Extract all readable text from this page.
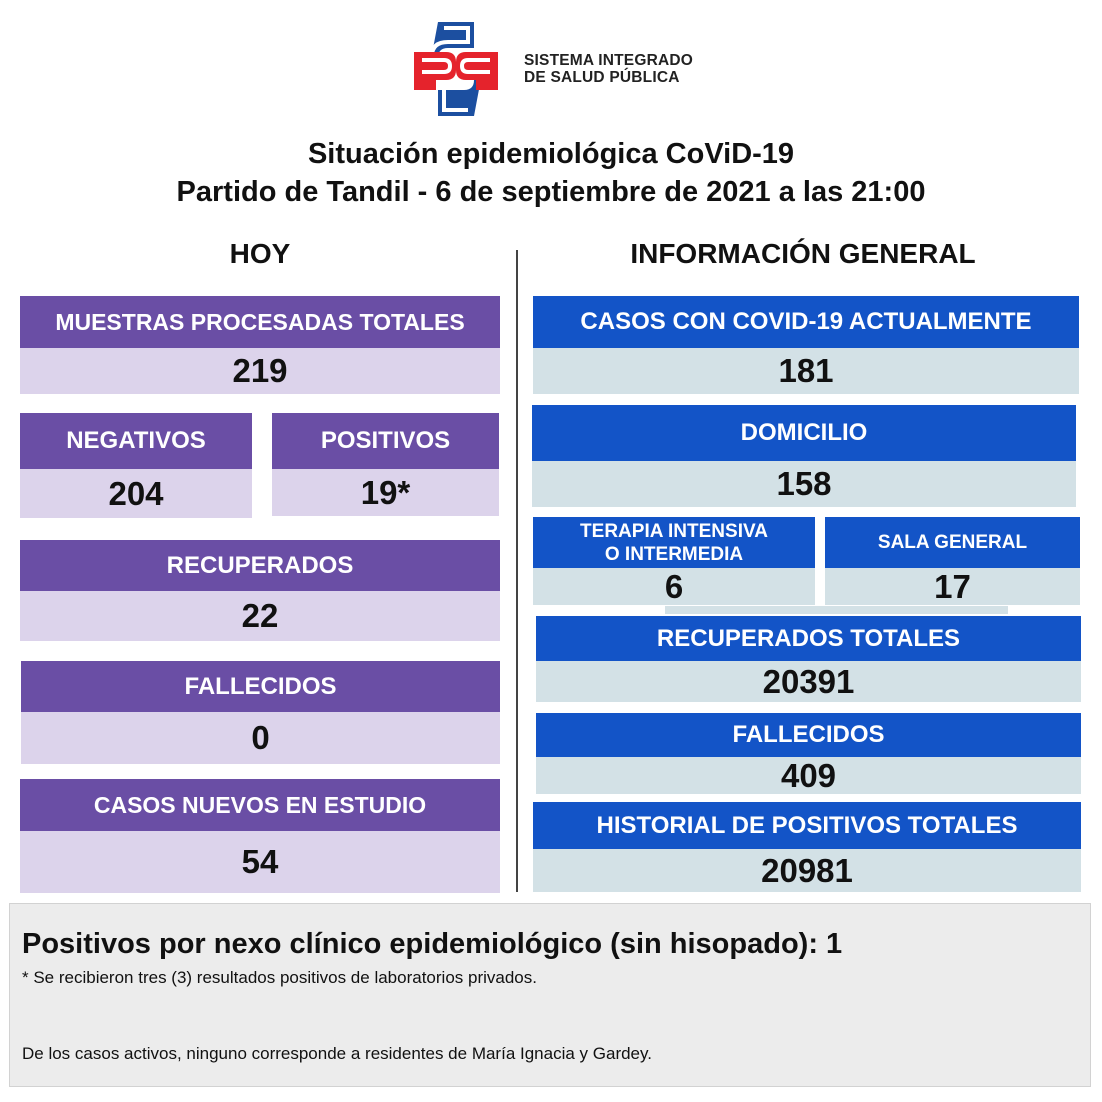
SISTEMA INTEGRADO
DE SALUD PÚBLICA
Situación epidemiológica CoViD-19
Partido de Tandil - 6 de septiembre de 2021 a las 21:00
HOY	INFORMACIÓN GENERAL
MUESTRAS PROCESADAS TOTALES
219
NEGATIVOS
204
POSITIVOS
19*
RECUPERADOS
22
FALLECIDOS
0
CASOS NUEVOS EN ESTUDIO
54
CASOS CON COVID-19 ACTUALMENTE
181
DOMICILIO
158
TERAPIA INTENSIVA
O INTERMEDIA
6
SALA GENERAL
17
RECUPERADOS TOTALES
20391
FALLECIDOS
409
HISTORIAL DE POSITIVOS TOTALES
20981
Positivos por nexo clínico epidemiológico (sin hisopado): 1
* Se recibieron tres (3) resultados positivos de laboratorios privados.
De los casos activos, ninguno corresponde a residentes de María Ignacia y Gardey.
